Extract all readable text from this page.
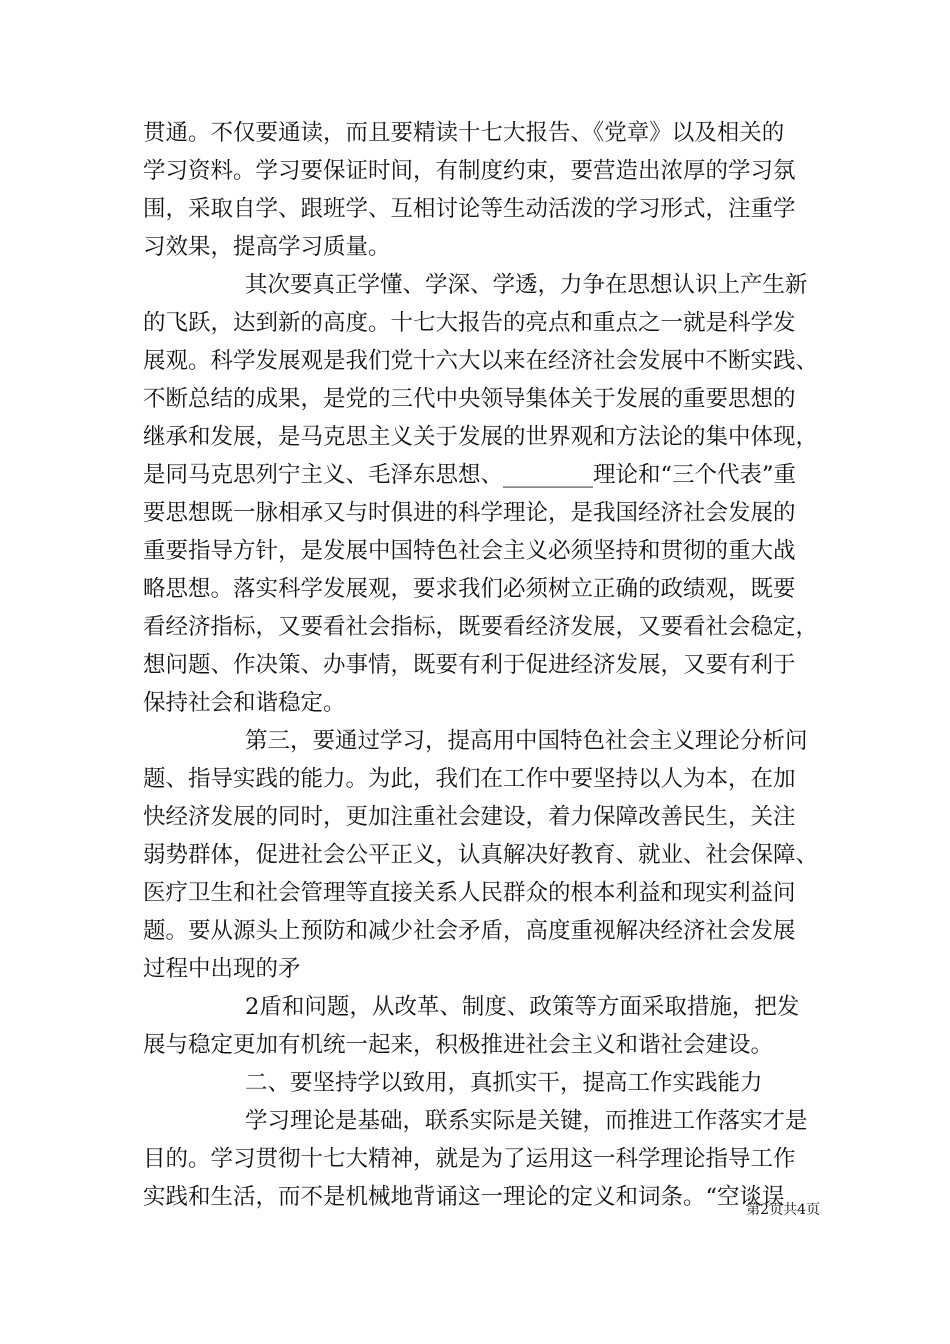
贯通。不仅要通读，而且要精读十七大报告、《党章》以及相关的
学习资料。学习要保证时间，有制度约束，要营造出浓厚的学习氛
围，采取自学、跟班学、互相讨论等生动活泼的学习形式，注重学
习效果，提高学习质量。
其次要真正学懂、学深、学透，力争在思想认识上产生新
的飞跃，达到新的高度。十七大报告的亮点和重点之一就是科学发
展观。科学发展观是我们党十六大以来在经济社会发展中不断实践、
不断总结的成果，是党的三代中央领导集体关于发展的重要思想的
继承和发展，是马克思主义关于发展的世界观和方法论的集中体现，
是同马克思列宁主义、毛泽东思想、________理论和“三个代表”重
要思想既一脉相承又与时俱进的科学理论，是我国经济社会发展的
重要指导方针，是发展中国特色社会主义必须坚持和贯彻的重大战
略思想。落实科学发展观，要求我们必须树立正确的政绩观，既要
看经济指标，又要看社会指标，既要看经济发展，又要看社会稳定，
想问题、作决策、办事情，既要有利于促进经济发展，又要有利于
保持社会和谐稳定。
第三，要通过学习，提高用中国特色社会主义理论分析问
题、指导实践的能力。为此，我们在工作中要坚持以人为本，在加
快经济发展的同时，更加注重社会建设，着力保障改善民生，关注
弱势群体，促进社会公平正义，认真解决好教育、就业、社会保障、
医疗卫生和社会管理等直接关系人民群众的根本利益和现实利益问
题。要从源头上预防和减少社会矛盾，高度重视解决经济社会发展
过程中出现的矛
2盾和问题，从改革、制度、政策等方面采取措施，把发
展与稳定更加有机统一起来，积极推进社会主义和谐社会建设。
二、要坚持学以致用，真抓实干，提高工作实践能力
学习理论是基础，联系实际是关键，而推进工作落实才是
目的。学习贯彻十七大精神，就是为了运用这一科学理论指导工作
实践和生活，而不是机械地背诵这一理论的定义和词条。“空谈误
第2页共4页
